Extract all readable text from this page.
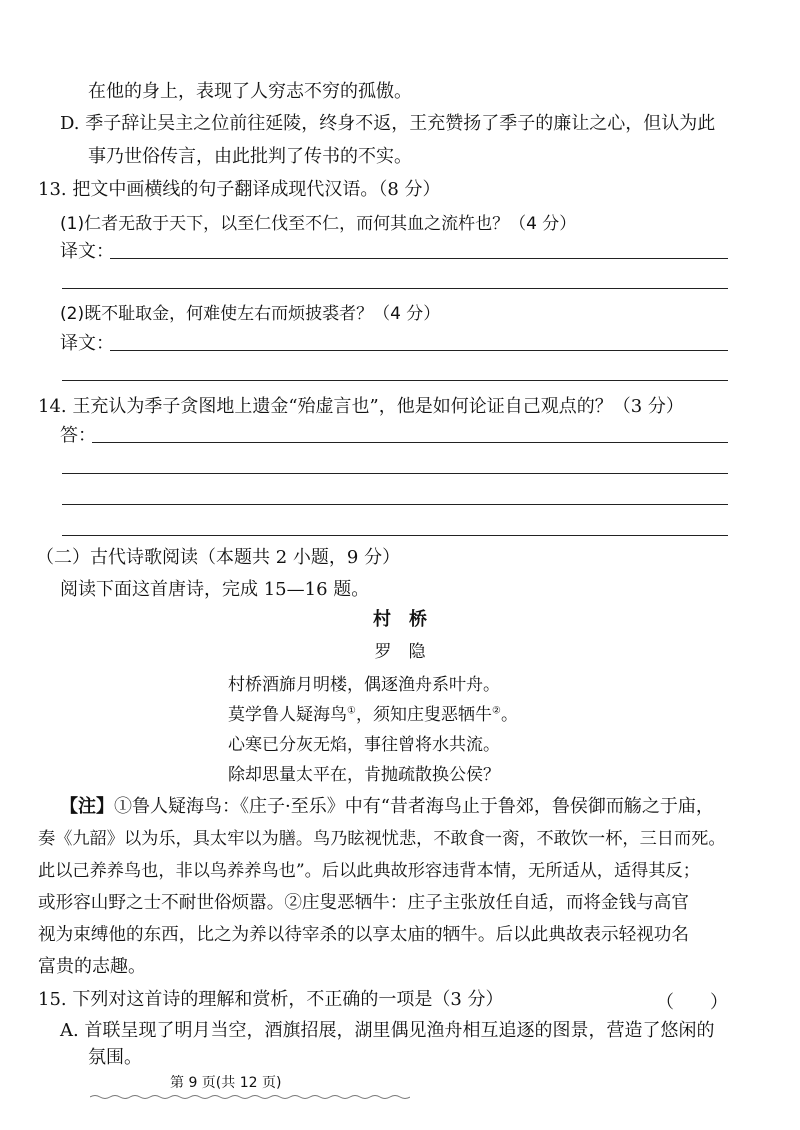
在他的身上，表现了人穷志不穷的孤傲。
D. 季子辞让吴主之位前往延陵，终身不返，王充赞扬了季子的廉让之心，但认为此
事乃世俗传言，由此批判了传书的不实。
13. 把文中画横线的句子翻译成现代汉语。（8 分）
(1)仁者无敌于天下，以至仁伐至不仁，而何其血之流杵也？（4 分）
译文：
(2)既不耻取金，何难使左右而烦披裘者？（4 分）
译文：
14. 王充认为季子贪图地上遗金“殆虚言也”，他是如何论证自己观点的？（3 分）
答：
（二）古代诗歌阅读（本题共 2 小题，9 分）
阅读下面这首唐诗，完成 15—16 题。
村　桥
罗　隐
村桥酒旆月明楼，偶逐渔舟系叶舟。
莫学鲁人疑海鸟①，须知庄叟恶牺牛②。
心寒已分灰无焰，事往曾将水共流。
除却思量太平在，肯抛疏散换公侯？
【注】①鲁人疑海鸟：《庄子·至乐》中有“昔者海鸟止于鲁郊，鲁侯御而觞之于庙，
奏《九韶》以为乐，具太牢以为膳。鸟乃眩视忧悲，不敢食一脔，不敢饮一杯，三日而死。
此以己养养鸟也，非以鸟养养鸟也”。后以此典故形容违背本情，无所适从，适得其反；
或形容山野之士不耐世俗烦嚣。②庄叟恶牺牛：庄子主张放任自适，而将金钱与高官
视为束缚他的东西，比之为养以待宰杀的以享太庙的牺牛。后以此典故表示轻视功名
富贵的志趣。
15. 下列对这首诗的理解和赏析，不正确的一项是（3 分）	（　　）
A. 首联呈现了明月当空，酒旗招展，湖里偶见渔舟相互追逐的图景，营造了悠闲的
氛围。
第 9 页(共 12 页)
